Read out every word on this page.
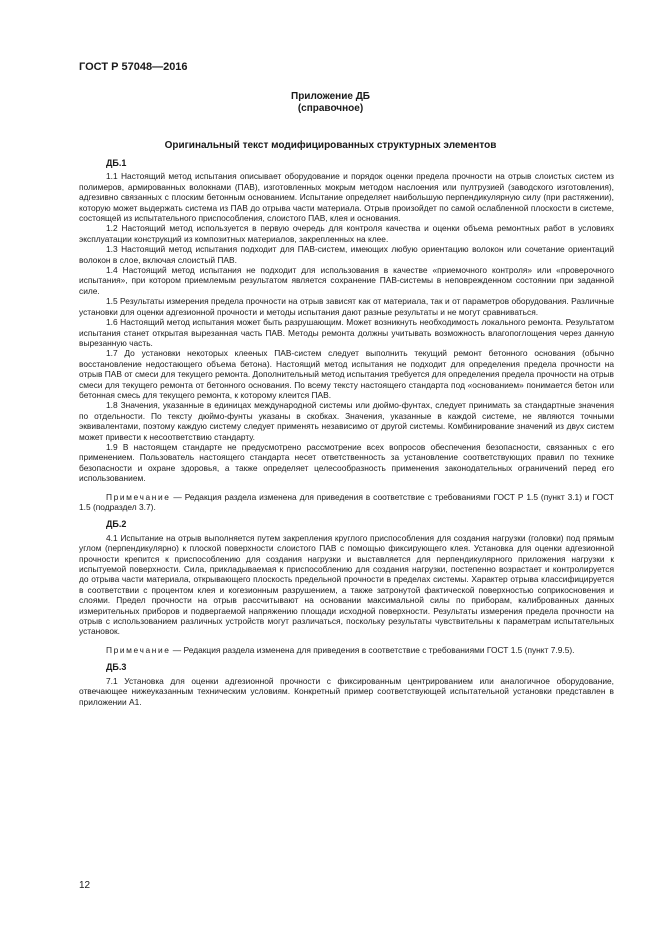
ГОСТ Р 57048—2016
Приложение ДБ
(справочное)
Оригинальный текст модифицированных структурных элементов
ДБ.1

1.1 Настоящий метод испытания описывает оборудование и порядок оценки предела прочности на отрыв слоистых систем из полимеров, армированных волокнами (ПАВ), изготовленных мокрым методом наслоения или пултрузией (заводского изготовления), адгезивно связанных с плоским бетонным основанием. Испытание определяет наибольшую перпендикулярную силу (при растяжении), которую может выдержать система из ПАВ до отрыва части материала. Отрыв произойдет по самой ослабленной плоскости в системе, состоящей из испытательного приспособления, слоистого ПАВ, клея и основания.

1.2 Настоящий метод используется в первую очередь для контроля качества и оценки объема ремонтных работ в условиях эксплуатации конструкций из композитных материалов, закрепленных на клее.

1.3 Настоящий метод испытания подходит для ПАВ-систем, имеющих любую ориентацию волокон или сочетание ориентаций волокон в слое, включая слоистый ПАВ.

1.4 Настоящий метод испытания не подходит для использования в качестве «приемочного контроля» или «проверочного испытания», при котором приемлемым результатом является сохранение ПАВ-системы в неповрежденном состоянии при заданной силе.

1.5 Результаты измерения предела прочности на отрыв зависят как от материала, так и от параметров оборудования. Различные установки для оценки адгезионной прочности и методы испытания дают разные результаты и не могут сравниваться.

1.6 Настоящий метод испытания может быть разрушающим. Может возникнуть необходимость локального ремонта. Результатом испытания станет открытая вырезанная часть ПАВ. Методы ремонта должны учитывать возможность влагопоглощения через данную вырезанную часть.

1.7 До установки некоторых клееных ПАВ-систем следует выполнить текущий ремонт бетонного основания (обычно восстановление недостающего объема бетона). Настоящий метод испытания не подходит для определения предела прочности на отрыв ПАВ от смеси для текущего ремонта. Дополнительный метод испытания требуется для определения предела прочности на отрыв смеси для текущего ремонта от бетонного основания. По всему тексту настоящего стандарта под «основанием» понимается бетон или бетонная смесь для текущего ремонта, к которому клеится ПАВ.

1.8 Значения, указанные в единицах международной системы или дюймо-фунтах, следует принимать за стандартные значения по отдельности. По тексту дюймо-фунты указаны в скобках. Значения, указанные в каждой системе, не являются точными эквивалентами, поэтому каждую систему следует применять независимо от другой системы. Комбинирование значений из двух систем может привести к несоответствию стандарту.

1.9 В настоящем стандарте не предусмотрено рассмотрение всех вопросов обеспечения безопасности, связанных с его применением. Пользователь настоящего стандарта несет ответственность за установление соответствующих правил по технике безопасности и охране здоровья, а также определяет целесообразность применения законодательных ограничений перед его использованием.

Примечание — Редакция раздела изменена для приведения в соответствие с требованиями ГОСТ Р 1.5 (пункт 3.1) и ГОСТ 1.5 (подраздел 3.7).

ДБ.2

4.1 Испытание на отрыв выполняется путем закрепления круглого приспособления для создания нагрузки (головки) под прямым углом (перпендикулярно) к плоской поверхности слоистого ПАВ с помощью фиксирующего клея. Установка для оценки адгезионной прочности крепится к приспособлению для создания нагрузки и выставляется для перпендикулярного приложения нагрузки к испытуемой поверхности. Сила, прикладываемая к приспособлению для создания нагрузки, постепенно возрастает и контролируется до отрыва части материала, открывающего плоскость предельной прочности в пределах системы. Характер отрыва классифицируется в соответствии с процентом клея и когезионным разрушением, а также затронутой фактической поверхностью соприкосновения и слоями. Предел прочности на отрыв рассчитывают на основании максимальной силы по приборам, калиброванных данных измерительных приборов и подвергаемой напряжению площади исходной поверхности. Результаты измерения предела прочности на отрыв с использованием различных устройств могут различаться, поскольку результаты чувствительны к параметрам испытательных установок.

Примечание — Редакция раздела изменена для приведения в соответствие с требованиями ГОСТ 1.5 (пункт 7.9.5).

ДБ.3

7.1 Установка для оценки адгезионной прочности с фиксированным центрированием или аналогичное оборудование, отвечающее нижеуказанным техническим условиям. Конкретный пример соответствующей испытательной установки представлен в приложении А1.

12
